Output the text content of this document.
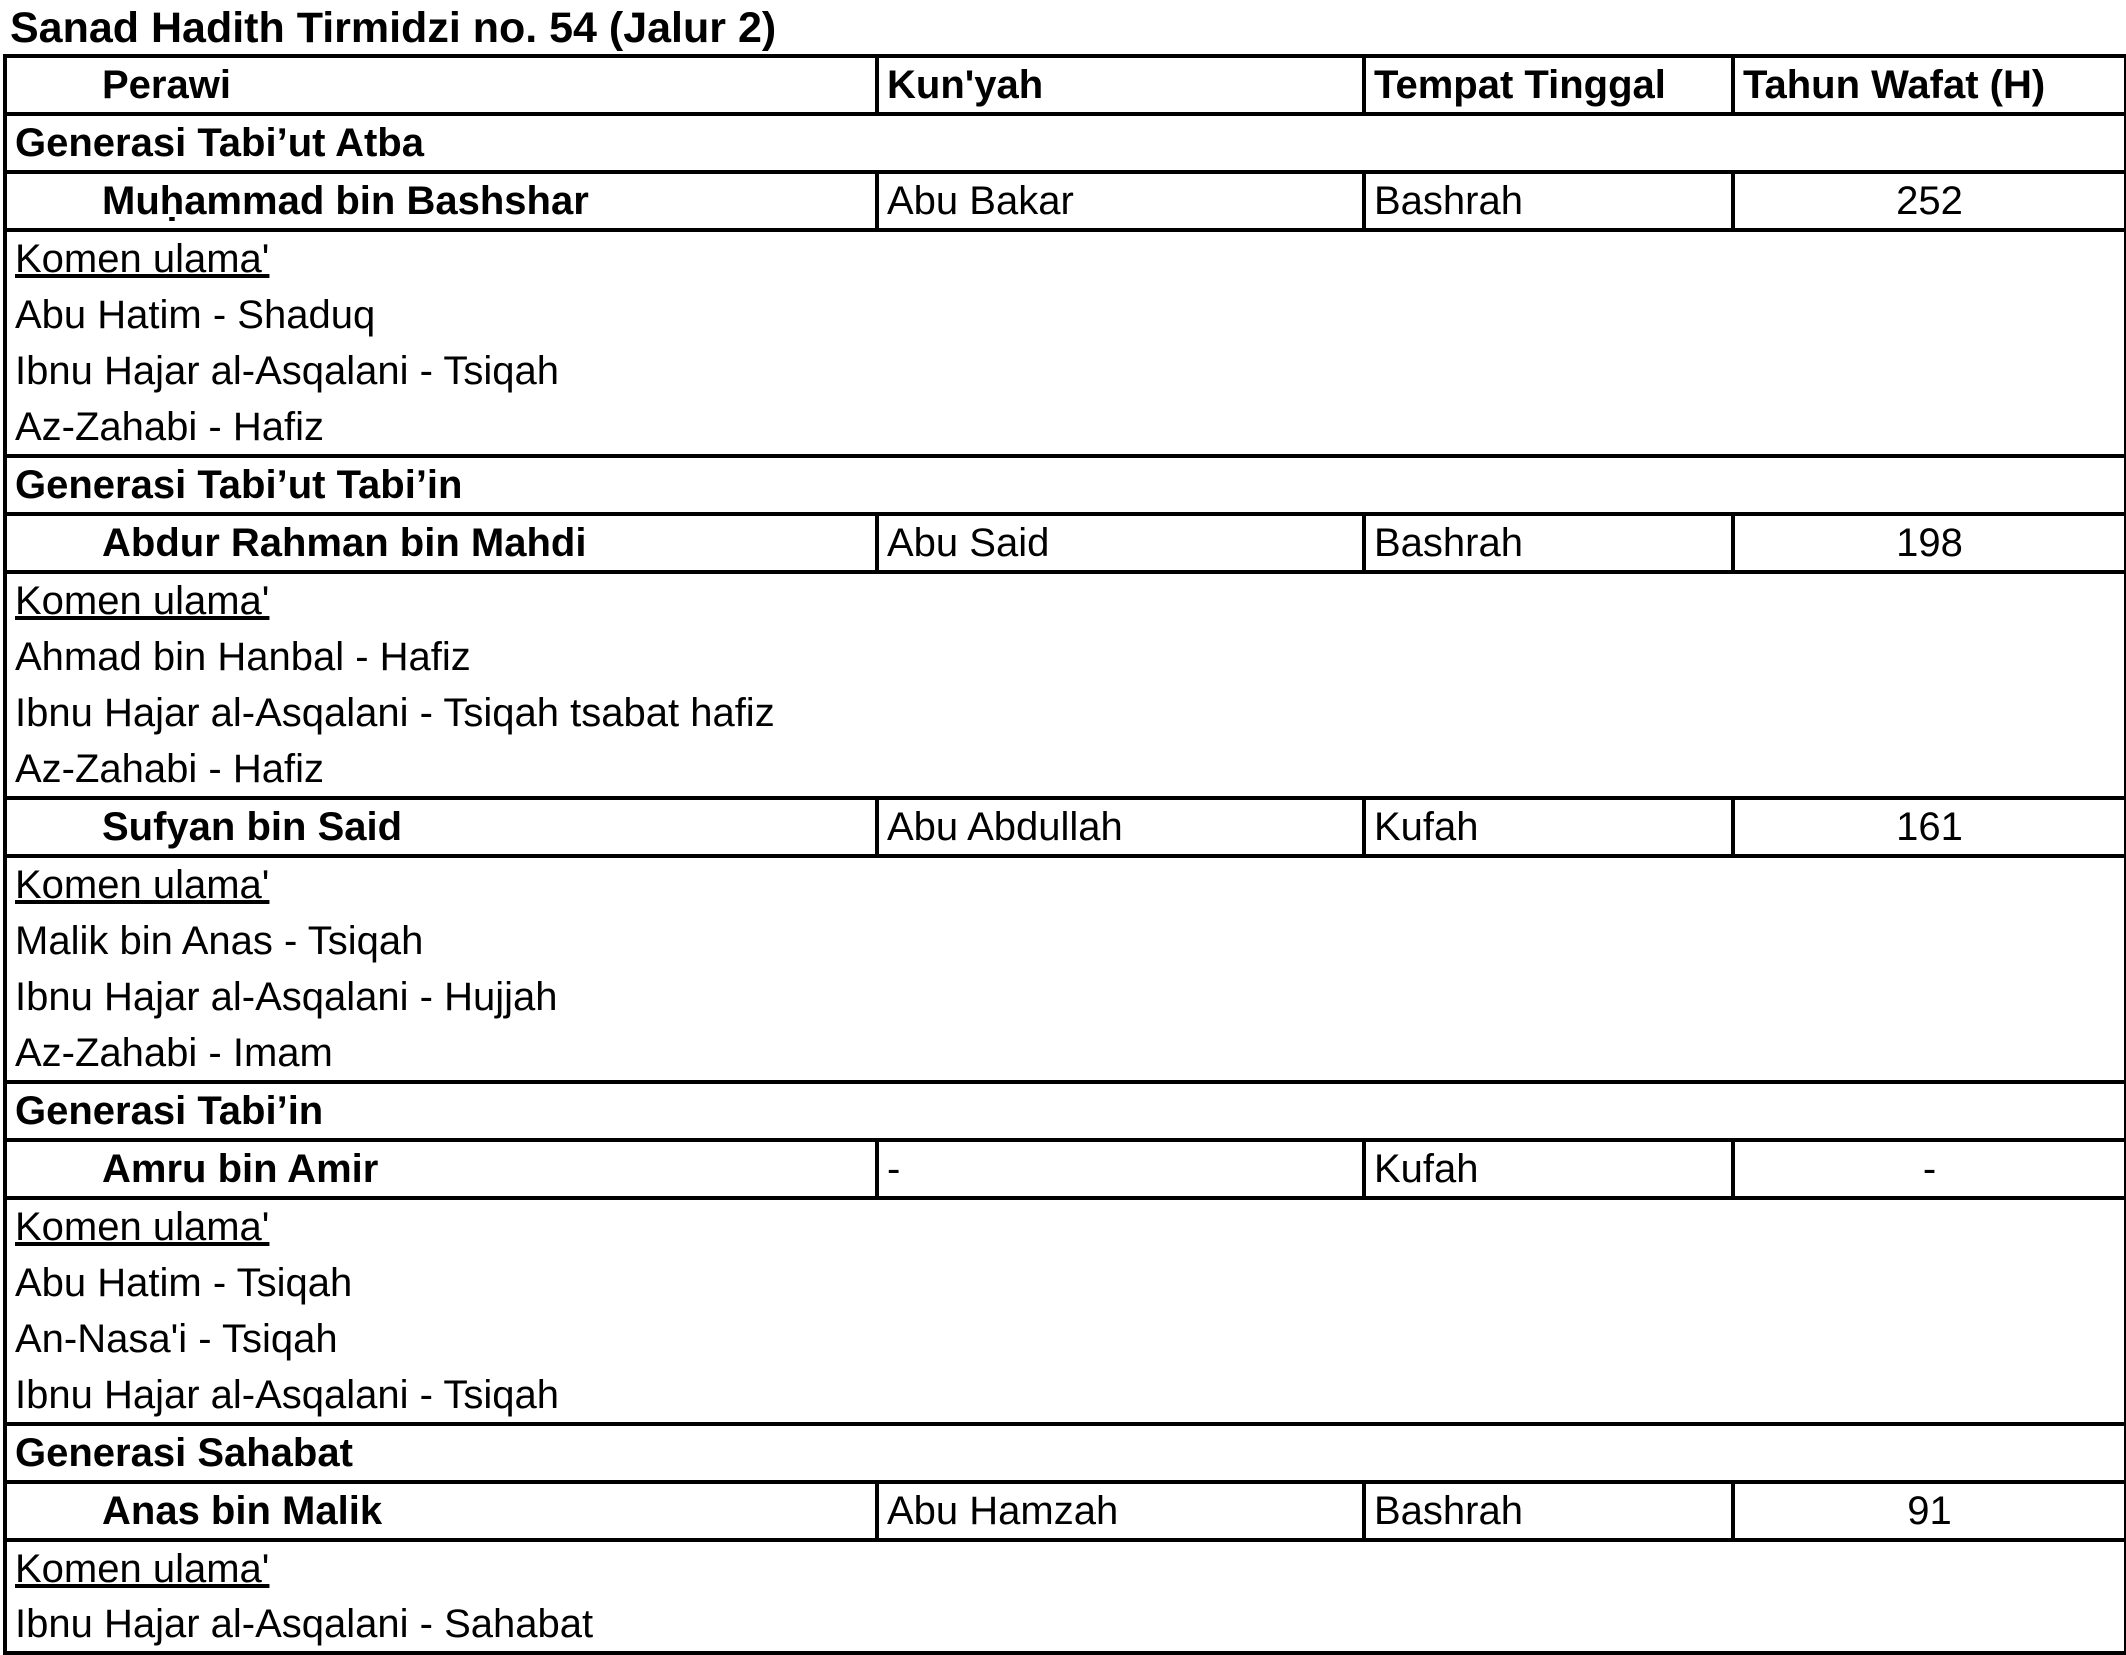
Sanad Hadith Tirmidzi no. 54 (Jalur 2)
Perawi	Kun'yah	Tempat Tinggal	Tahun Wafat (H)
Generasi Tabi’ut Atba			
Muḥammad bin Bashshar	Abu Bakar	Bashrah	252
Komen ulama'			
Abu Hatim - Shaduq			
Ibnu Hajar al-Asqalani - Tsiqah			
Az-Zahabi - Hafiz			
Generasi Tabi’ut Tabi’in			
Abdur Rahman bin Mahdi	Abu Said	Bashrah	198
Komen ulama'			
Ahmad bin Hanbal - Hafiz			
Ibnu Hajar al-Asqalani - Tsiqah tsabat hafiz			
Az-Zahabi - Hafiz			
Sufyan bin Said	Abu Abdullah	Kufah	161
Komen ulama'			
Malik bin Anas - Tsiqah			
Ibnu Hajar al-Asqalani - Hujjah			
Az-Zahabi - Imam			
Generasi Tabi’in			
Amru bin Amir	-	Kufah	-
Komen ulama'			
Abu Hatim - Tsiqah			
An-Nasa'i - Tsiqah			
Ibnu Hajar al-Asqalani - Tsiqah			
Generasi Sahabat			
Anas bin Malik	Abu Hamzah	Bashrah	91
Komen ulama'			
Ibnu Hajar al-Asqalani - Sahabat			
